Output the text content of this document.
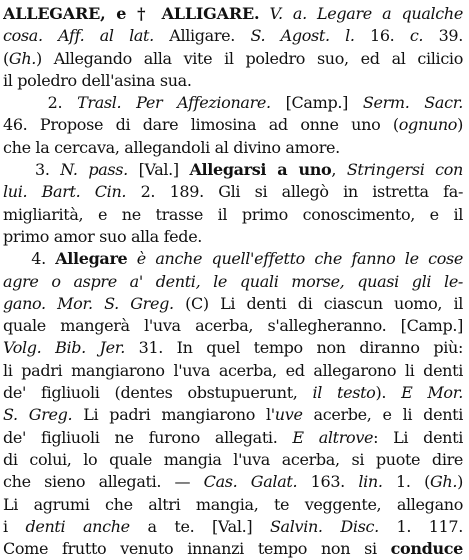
ALLEGARE, e † ALLIGARE. V. a. Legare a qualche
cosa. Aff. al lat. Alligare. S. Agost. l. 16. c. 39.
(Gh.) Allegando alla vite il poledro suo, ed al cilicio
il poledro dell'asina sua.
2. Trasl. Per Affezionare. [Camp.] Serm. Sacr.
46. Propose di dare limosina ad onne uno (ognuno)
che la cercava, allegandoli al divino amore.
3. N. pass. [Val.] Allegarsi a uno, Stringersi con
lui. Bart. Cin. 2. 189. Gli si allegò in istretta fa-
migliarità, e ne trasse il primo conoscimento, e il
primo amor suo alla fede.
4. Allegare è anche quell'effetto che fanno le cose
agre o aspre a' denti, le quali morse, quasi gli le-
gano. Mor. S. Greg. (C) Li denti di ciascun uomo, il
quale mangerà l'uva acerba, s'allegheranno. [Camp.]
Volg. Bib. Jer. 31. In quel tempo non diranno più:
li padri mangiarono l'uva acerba, ed allegarono li denti
de' figliuoli (dentes obstupuerunt, il testo). E Mor.
S. Greg. Li padri mangiarono l'uve acerbe, e li denti
de' figliuoli ne furono allegati. E altrove: Li denti
di colui, lo quale mangia l'uva acerba, si puote dire
che sieno allegati. — Cas. Galat. 163. lin. 1. (Gh.)
Li agrumi che altri mangia, te veggente, allegano
i denti anche a te. [Val.] Salvin. Disc. 1. 117.
Come frutto venuto innanzi tempo non si conduce
